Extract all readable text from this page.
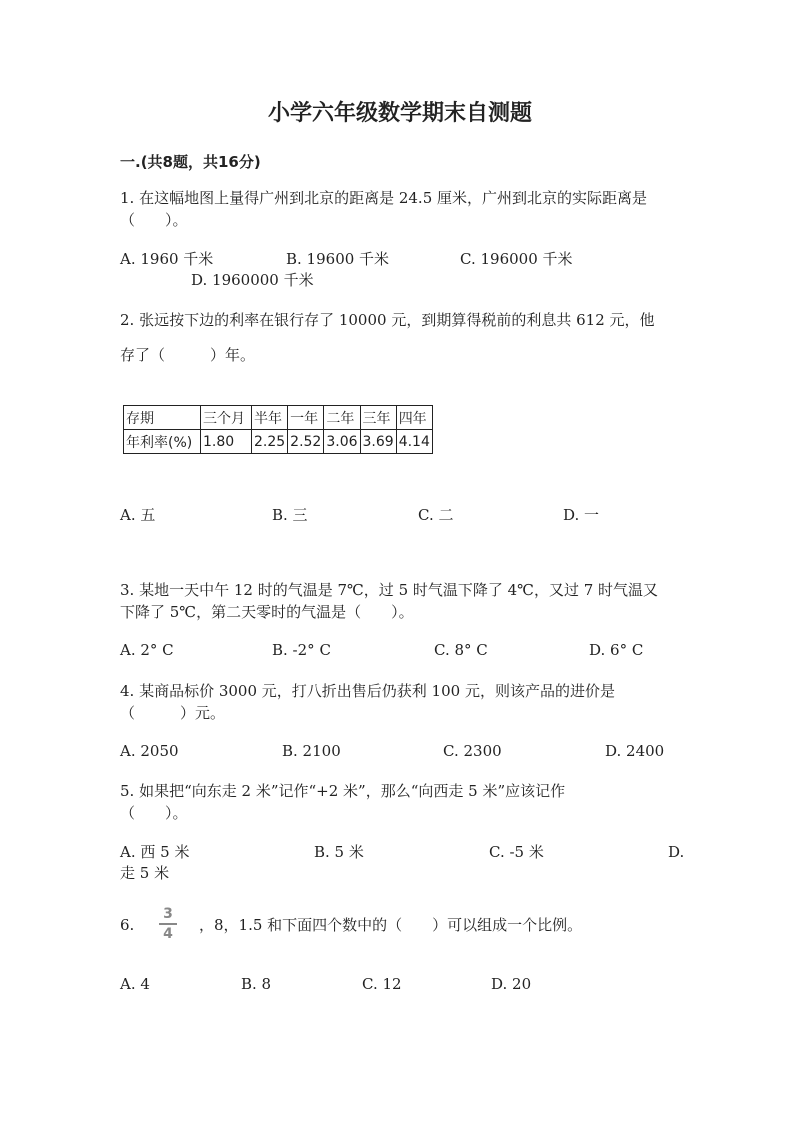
小学六年级数学期末自测题
一.(共8题，共16分)
1. 在这幅地图上量得广州到北京的距离是 24.5 厘米，广州到北京的实际距离是
（　　）。
A. 1960 千米	B. 19600 千米	C. 196000 千米
D. 1960000 千米
2. 张远按下边的利率在银行存了 10000 元，到期算得税前的利息共 612 元，他
存了（　　　）年。
存期	三个月	半年	一年	二年	三年	四年
年利率(%)	1.80	2.25	2.52	3.06	3.69	4.14
A. 五	B. 三	C. 二	D. 一
3. 某地一天中午 12 时的气温是 7℃，过 5 时气温下降了 4℃，又过 7 时气温又
下降了 5℃，第二天零时的气温是（　　）。
A. 2° C	B. -2° C	C. 8° C	D. 6° C
4. 某商品标价 3000 元，打八折出售后仍获利 100 元，则该产品的进价是
（　　　）元。
A. 2050	B. 2100	C. 2300	D. 2400
5. 如果把“向东走 2 米”记作“+2 米”，那么“向西走 5 米”应该记作
（　　）。
A. 西 5 米	B. 5 米	C. -5 米	D.
走 5 米
6.
3
4 ，8，1.5 和下面四个数中的（　　）可以组成一个比例。
A. 4	B. 8	C. 12	D. 20
